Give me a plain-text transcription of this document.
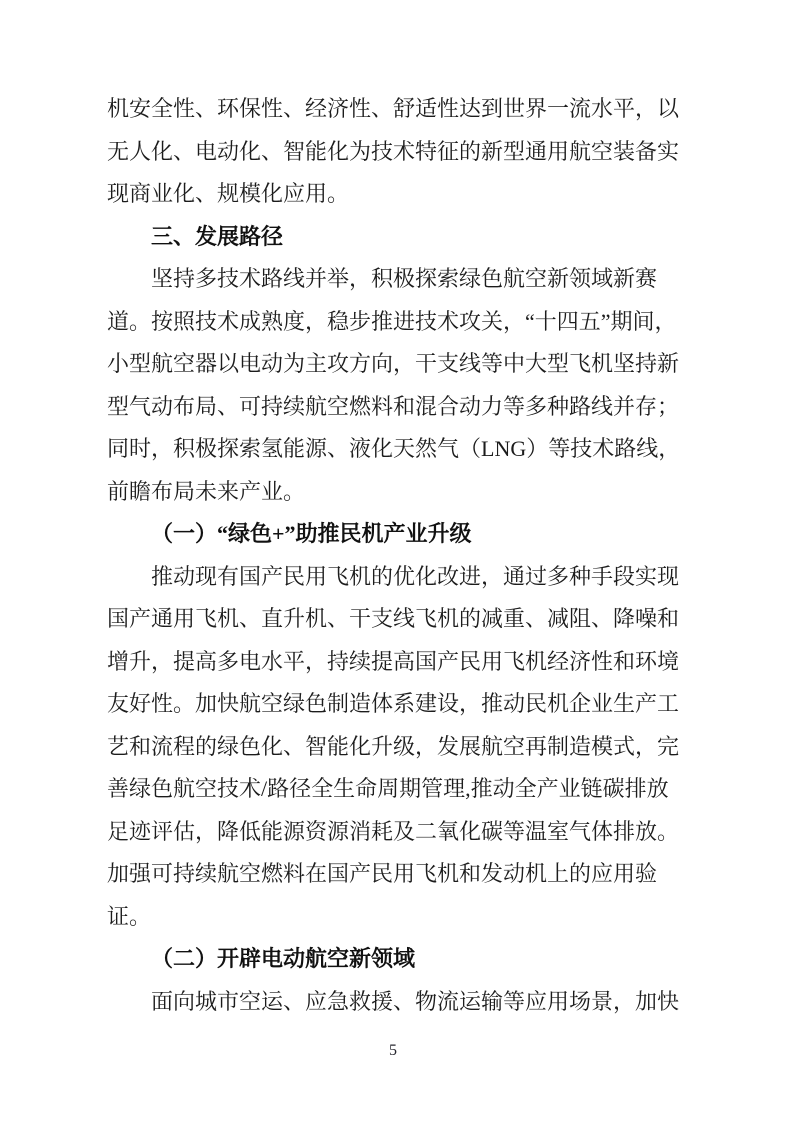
机安全性、环保性、经济性、舒适性达到世界一流水平，以
无人化、电动化、智能化为技术特征的新型通用航空装备实
现商业化、规模化应用。
三、发展路径
坚持多技术路线并举，积极探索绿色航空新领域新赛
道。按照技术成熟度，稳步推进技术攻关，“十四五”期间，
小型航空器以电动为主攻方向，干支线等中大型飞机坚持新
型气动布局、可持续航空燃料和混合动力等多种路线并存；
同时，积极探索氢能源、液化天然气（LNG）等技术路线，
前瞻布局未来产业。
（一）“绿色+”助推民机产业升级
推动现有国产民用飞机的优化改进，通过多种手段实现
国产通用飞机、直升机、干支线飞机的减重、减阻、降噪和
增升，提高多电水平，持续提高国产民用飞机经济性和环境
友好性。加快航空绿色制造体系建设，推动民机企业生产工
艺和流程的绿色化、智能化升级，发展航空再制造模式，完
善绿色航空技术/路径全生命周期管理,推动全产业链碳排放
足迹评估，降低能源资源消耗及二氧化碳等温室气体排放。
加强可持续航空燃料在国产民用飞机和发动机上的应用验
证。
（二）开辟电动航空新领域
面向城市空运、应急救援、物流运输等应用场景，加快
5
